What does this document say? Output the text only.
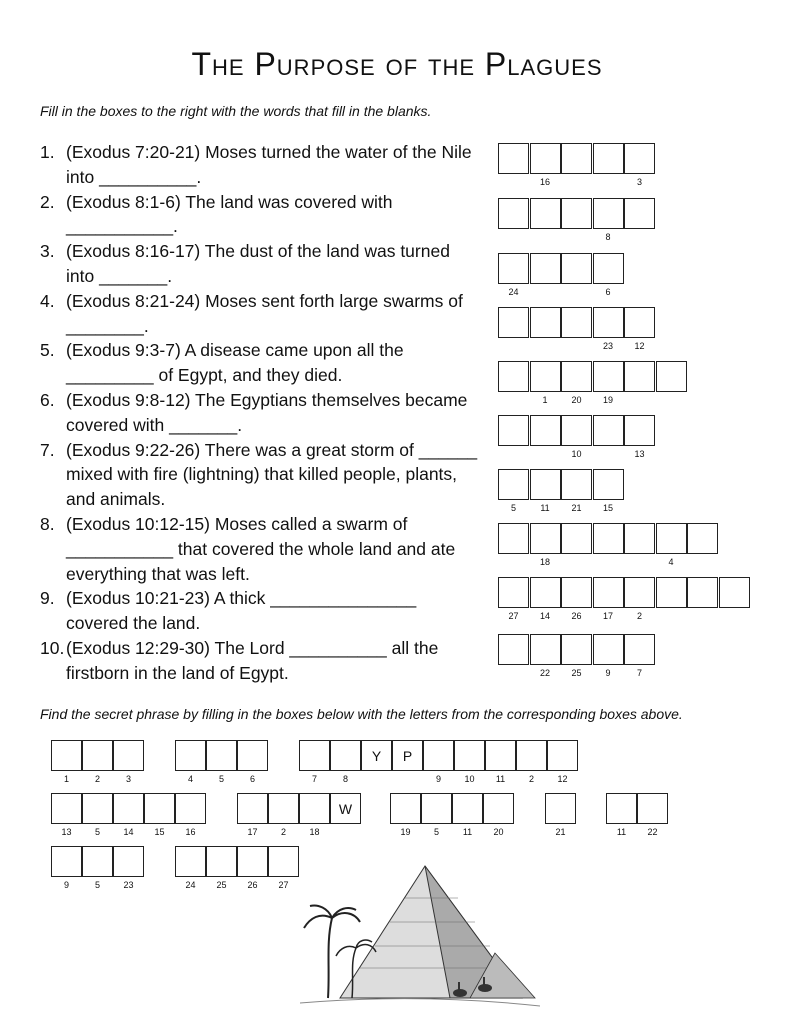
The Purpose of the Plagues
Fill in the boxes to the right with the words that fill in the blanks.
1. (Exodus 7:20-21) Moses turned the water of the Nile into __________.
2. (Exodus 8:1-6) The land was covered with ___________.
3. (Exodus 8:16-17) The dust of the land was turned into _______.
4. (Exodus 8:21-24) Moses sent forth large swarms of ________.
5. (Exodus 9:3-7) A disease came upon all the _________ of Egypt, and they died.
6. (Exodus 9:8-12) The Egyptians themselves became covered with _______.
7. (Exodus 9:22-26) There was a great storm of ______ mixed with fire (lightning) that killed people, plants, and animals.
8. (Exodus 10:12-15) Moses called a swarm of ___________ that covered the whole land and ate everything that was left.
9. (Exodus 10:21-23) A thick _______________ covered the land.
10. (Exodus 12:29-30) The Lord __________ all the firstborn in the land of Egypt.
16	3
8
24	6
23	12
1	20	19
10	13
5	11	21	15
18	4
27	14	26	17	2
22	25	9	7
Find the secret phrase by filling in the boxes below with the letters from the corresponding boxes above.
1	2	3	4	5	6	7	8
Y	P
9	10	11	2	12
13	5	14	15	16	17	2	18
W
19	5	11	20	21	11	22
9	5	23	24	25	26	27
